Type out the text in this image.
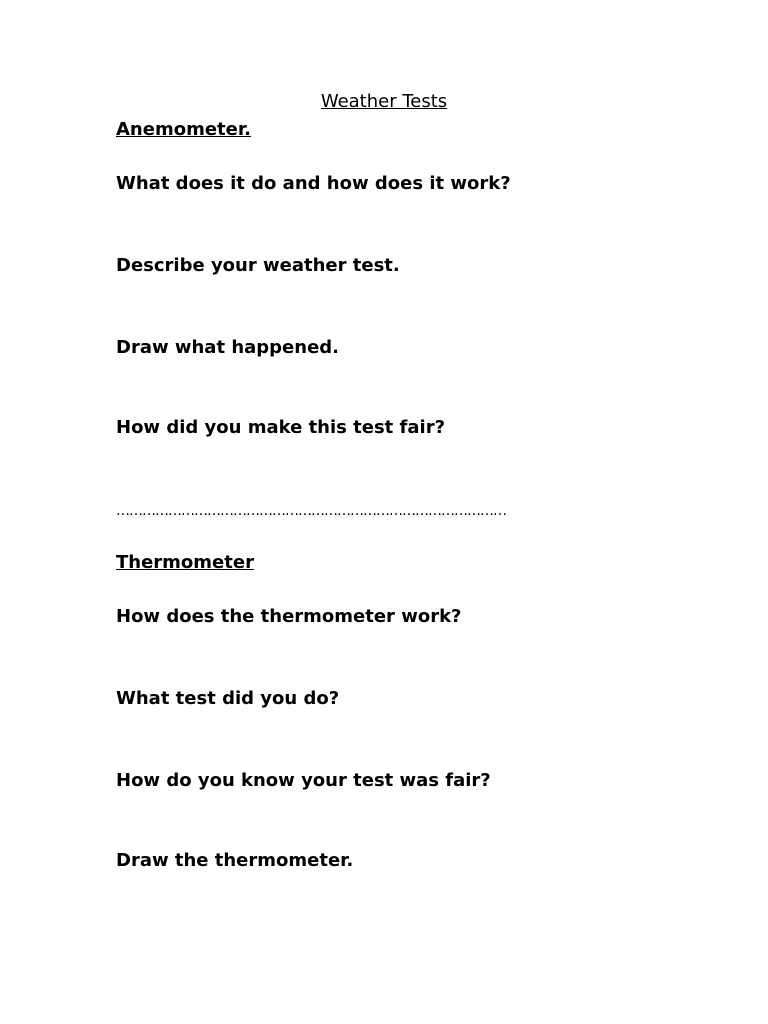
Weather Tests
Anemometer.
What does it do and how does it work?
Describe your weather test.
Draw what happened.
How did you make this test fair?
………………………………………………………………………………
Thermometer
How does the thermometer work?
What test did you do?
How do you know your test was fair?
Draw the thermometer.
